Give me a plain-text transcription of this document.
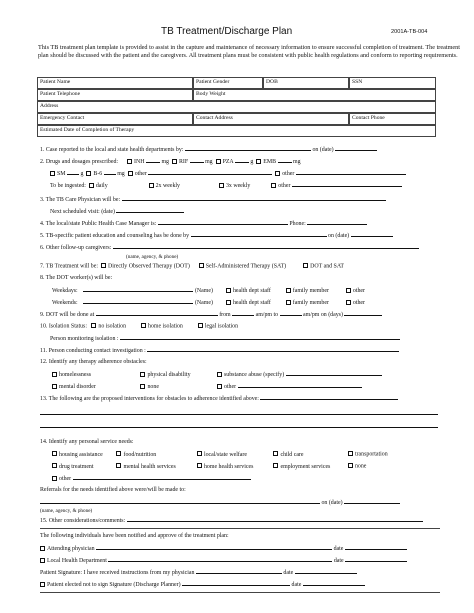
TB Treatment/Discharge Plan	2001A-TB-004
This TB treatment plan template is provided to assist in the capture and maintenance of necessary information to ensure successful completion of treatment. The treatment plan should be discussed with the patient and the caregivers. All treatment plans must be consistent with public health regulations and conform to reporting requirements.
Patient Name	Patient Gender	DOB	SSN
Patient Telephone	Body Weight
Address
Emergency Contact	Contact Address	Contact Phone
Estimated Date of Completion of Therapy
1. Case reported to the local and state health departments by:	on (date)
2. Drugs and dosages prescribed:	INH	mg RIF	mg PZA	g EMB	mg
SM	g B-6	mg other	other
To be ingested: daily	2x weekly	3x weekly	other
3. The TB Care Physician will be:
Next scheduled visit: (date)
4. The local/state Public Health Case Manager is:	Phone:
5. TB-specific patient education and counseling has be done by	on (date)
6. Other follow-up caregivers:
(name, agency, & phone)
7. TB Treatment will be: Directly Observed Therapy (DOT)	Self-Administered Therapy (SAT)	DOT and SAT
8. The DOT worker(s) will be:
Weekdays:	(Name)	health dept staff	family member	other
Weekends:	(Name)	health dept staff	family member	other
9. DOT will be done at	from	am/pm to	am/pm on (days)
10. Isolation Status: no isolation	home isolation	legal isolation
Person monitoring isolation :
11. Person conducting contact investigation :
12. Identify any therapy adherence obstacles:
homelessness	physical disability	substance abuse (specify)
mental disorder	none	other
13. The following are the proposed interventions for obstacles to adherence identified above:
14. Identify any personal service needs:
housing assistance	food/nutrition	local/state welfare	child care	transportation
drug treatment	mental health services	home health services	employment services	none
other
Referrals for the needs identified above were/will be made to:
on (date)
(name, agency, & phone)
15. Other considerations/comments:
The following individuals have been notified and approve of the treatment plan:
Attending physician	date
Local Health Department	date
Patient Signature: I have received instructions from my physician	date
Patient elected not to sign Signature (Discharge Planner)	date
